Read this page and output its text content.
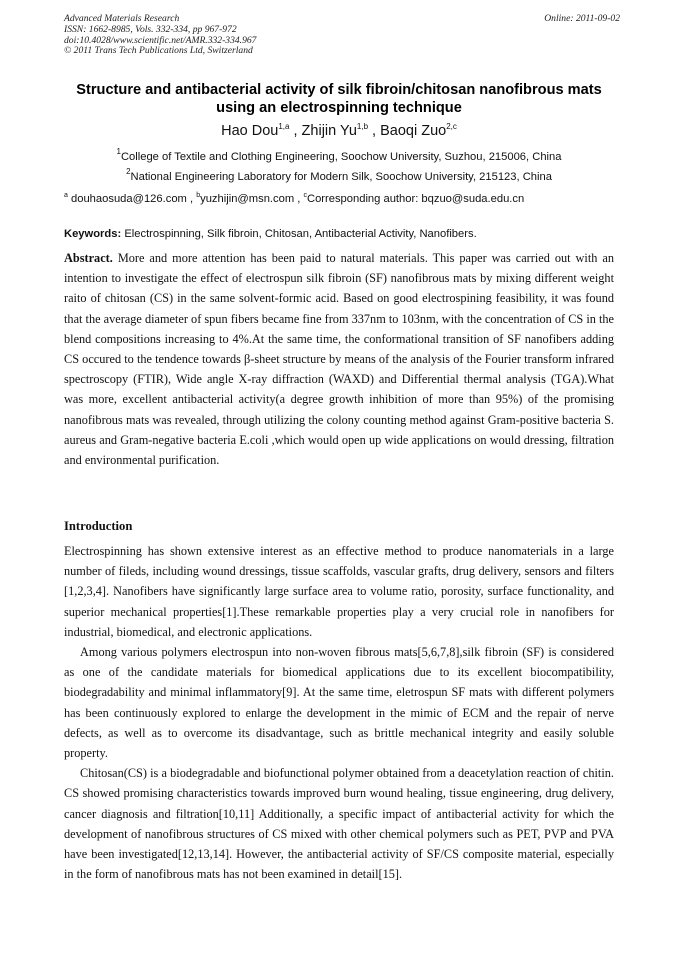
Advanced Materials Research
ISSN: 1662-8985, Vols. 332-334, pp 967-972
doi:10.4028/www.scientific.net/AMR.332-334.967
© 2011 Trans Tech Publications Ltd, Switzerland
Online: 2011-09-02
Structure and antibacterial activity of silk fibroin/chitosan nanofibrous mats using an electrospinning technique
Hao Dou$^{1,a}$ , Zhijin Yu$^{1,b}$ , Baoqi Zuo$^{2,c}$
$^1$College of Textile and Clothing Engineering, Soochow University, Suzhou, 215006, China
$^2$National Engineering Laboratory for Modern Silk, Soochow University, 215123, China
$^a$ douhaosuda@126.com , $^b$yuzhijin@msn.com , $^c$Corresponding author: bqzuo@suda.edu.cn
Keywords: Electrospinning, Silk fibroin, Chitosan, Antibacterial Activity, Nanofibers.
Abstract. More and more attention has been paid to natural materials. This paper was carried out with an intention to investigate the effect of electrospun silk fibroin (SF) nanofibrous mats by mixing different weight raito of chitosan (CS) in the same solvent-formic acid. Based on good electrospining feasibility, it was found that the average diameter of spun fibers became fine from 337nm to 103nm, with the concentration of CS in the blend compositions increasing to 4%.At the same time, the conformational transition of SF nanofibers adding CS occured to the tendence towards β-sheet structure by means of the analysis of the Fourier transform infrared spectroscopy (FTIR), Wide angle X-ray diffraction (WAXD) and Differential thermal analysis (TGA).What was more, excellent antibacterial activity(a degree growth inhibition of more than 95%) of the promising nanofibrous mats was revealed, through utilizing the colony counting method against Gram-positive bacteria S. aureus and Gram-negative bacteria E.coli ,which would open up wide applications on would dressing, filtration and environmental purification.
Introduction

Electrospinning has shown extensive interest as an effective method to produce nanomaterials in a large number of fileds, including wound dressings, tissue scaffolds, vascular grafts, drug delivery, sensors and filters [1,2,3,4]. Nanofibers have significantly large surface area to volume ratio, porosity, surface functionality, and superior mechanical properties[1].These remarkable properties play a very crucial role in nanofibers for industrial, biomedical, and electronic applications.

Among various polymers electrospun into non-woven fibrous mats[5,6,7,8],silk fibroin (SF) is considered as one of the candidate materials for biomedical applications due to its excellent biocompatibility, biodegradability and minimal inflammatory[9]. At the same time, eletrospun SF mats with different polymers has been continuously explored to enlarge the development in the mimic of ECM and the repair of nerve defects, as well as to overcome its disadvantage, such as brittle mechanical integrity and easily soluble property.

Chitosan(CS) is a biodegradable and biofunctional polymer obtained from a deacetylation reaction of chitin. CS showed promising characteristics towards improved burn wound healing, tissue engineering, drug delivery, cancer diagnosis and filtration[10,11] Additionally, a specific impact of antibacterial activity for which the development of nanofibrous structures of CS mixed with other chemical polymers such as PET, PVP and PVA have been investigated[12,13,14]. However, the antibacterial activity of SF/CS composite material, especially in the form of nanofibrous mats has not been examined in detail[15].
